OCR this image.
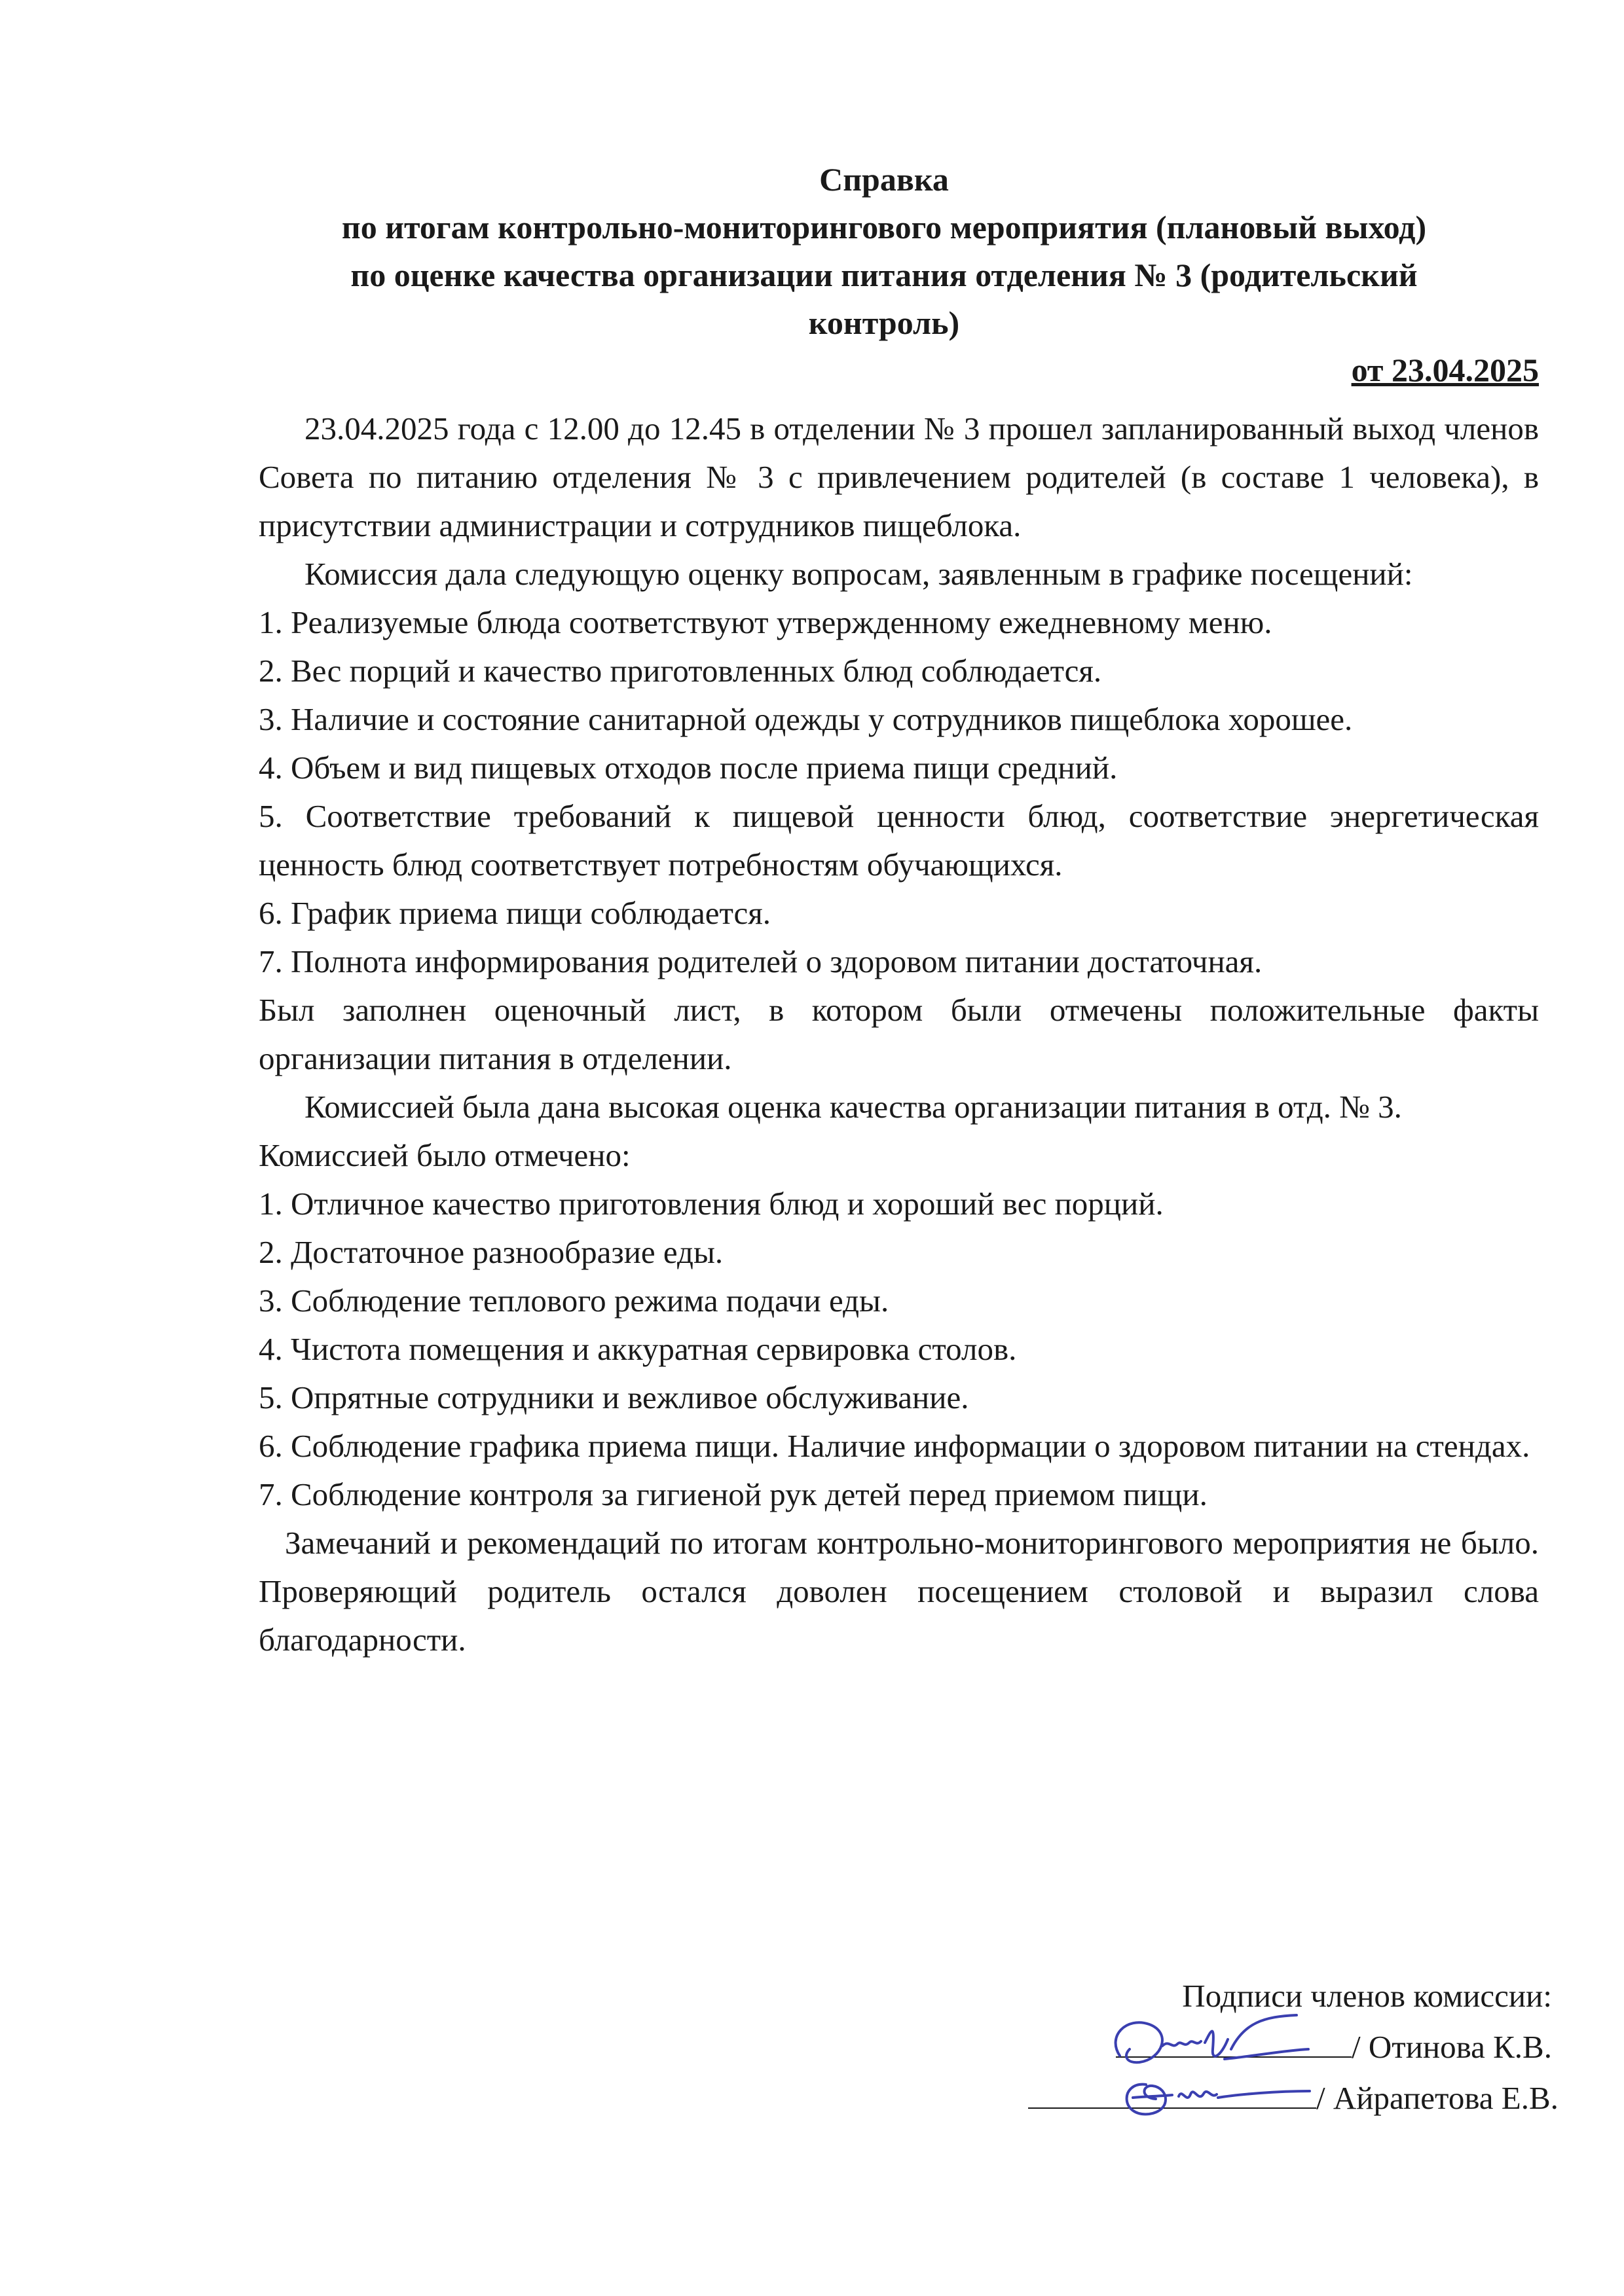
Справка
по итогам контрольно-мониторингового мероприятия (плановый выход)
по оценке качества организации питания отделения № 3 (родительский
контроль)
от 23.04.2025

23.04.2025 года с 12.00 до 12.45 в отделении № 3 прошел запланированный выход членов Совета по питанию отделения № 3 с привлечением родителей (в составе 1 человека), в присутствии администрации и сотрудников пищеблока.

Комиссия дала следующую оценку вопросам, заявленным в графике посещений:

1. Реализуемые блюда соответствуют утвержденному ежедневному меню.

2. Вес порций и качество приготовленных блюд соблюдается.

3. Наличие и состояние санитарной одежды у сотрудников пищеблока хорошее.

4. Объем и вид пищевых отходов после приема пищи средний.

5. Соответствие требований к пищевой ценности блюд, соответствие энергетическая ценность блюд соответствует потребностям обучающихся.

6. График приема пищи соблюдается.

7. Полнота информирования родителей о здоровом питании достаточная.

Был заполнен оценочный лист, в котором были отмечены положительные факты организации питания в отделении.

Комиссией была дана высокая оценка качества организации питания в отд. № 3.

Комиссией было отмечено:

1. Отличное качество приготовления блюд и хороший вес порций.

2. Достаточное разнообразие еды.

3. Соблюдение теплового режима подачи еды.

4. Чистота помещения и аккуратная сервировка столов.

5. Опрятные сотрудники и вежливое обслуживание.

6. Соблюдение графика приема пищи. Наличие информации о здоровом питании на стендах.

7. Соблюдение контроля за гигиеной рук детей перед приемом пищи.

Замечаний и рекомендаций по итогам контрольно-мониторингового мероприятия не было. Проверяющий родитель остался доволен посещением столовой и выразил слова благодарности.

Подписи членов комиссии:
/ Отинова К.В.
/ Айрапетова Е.В.
